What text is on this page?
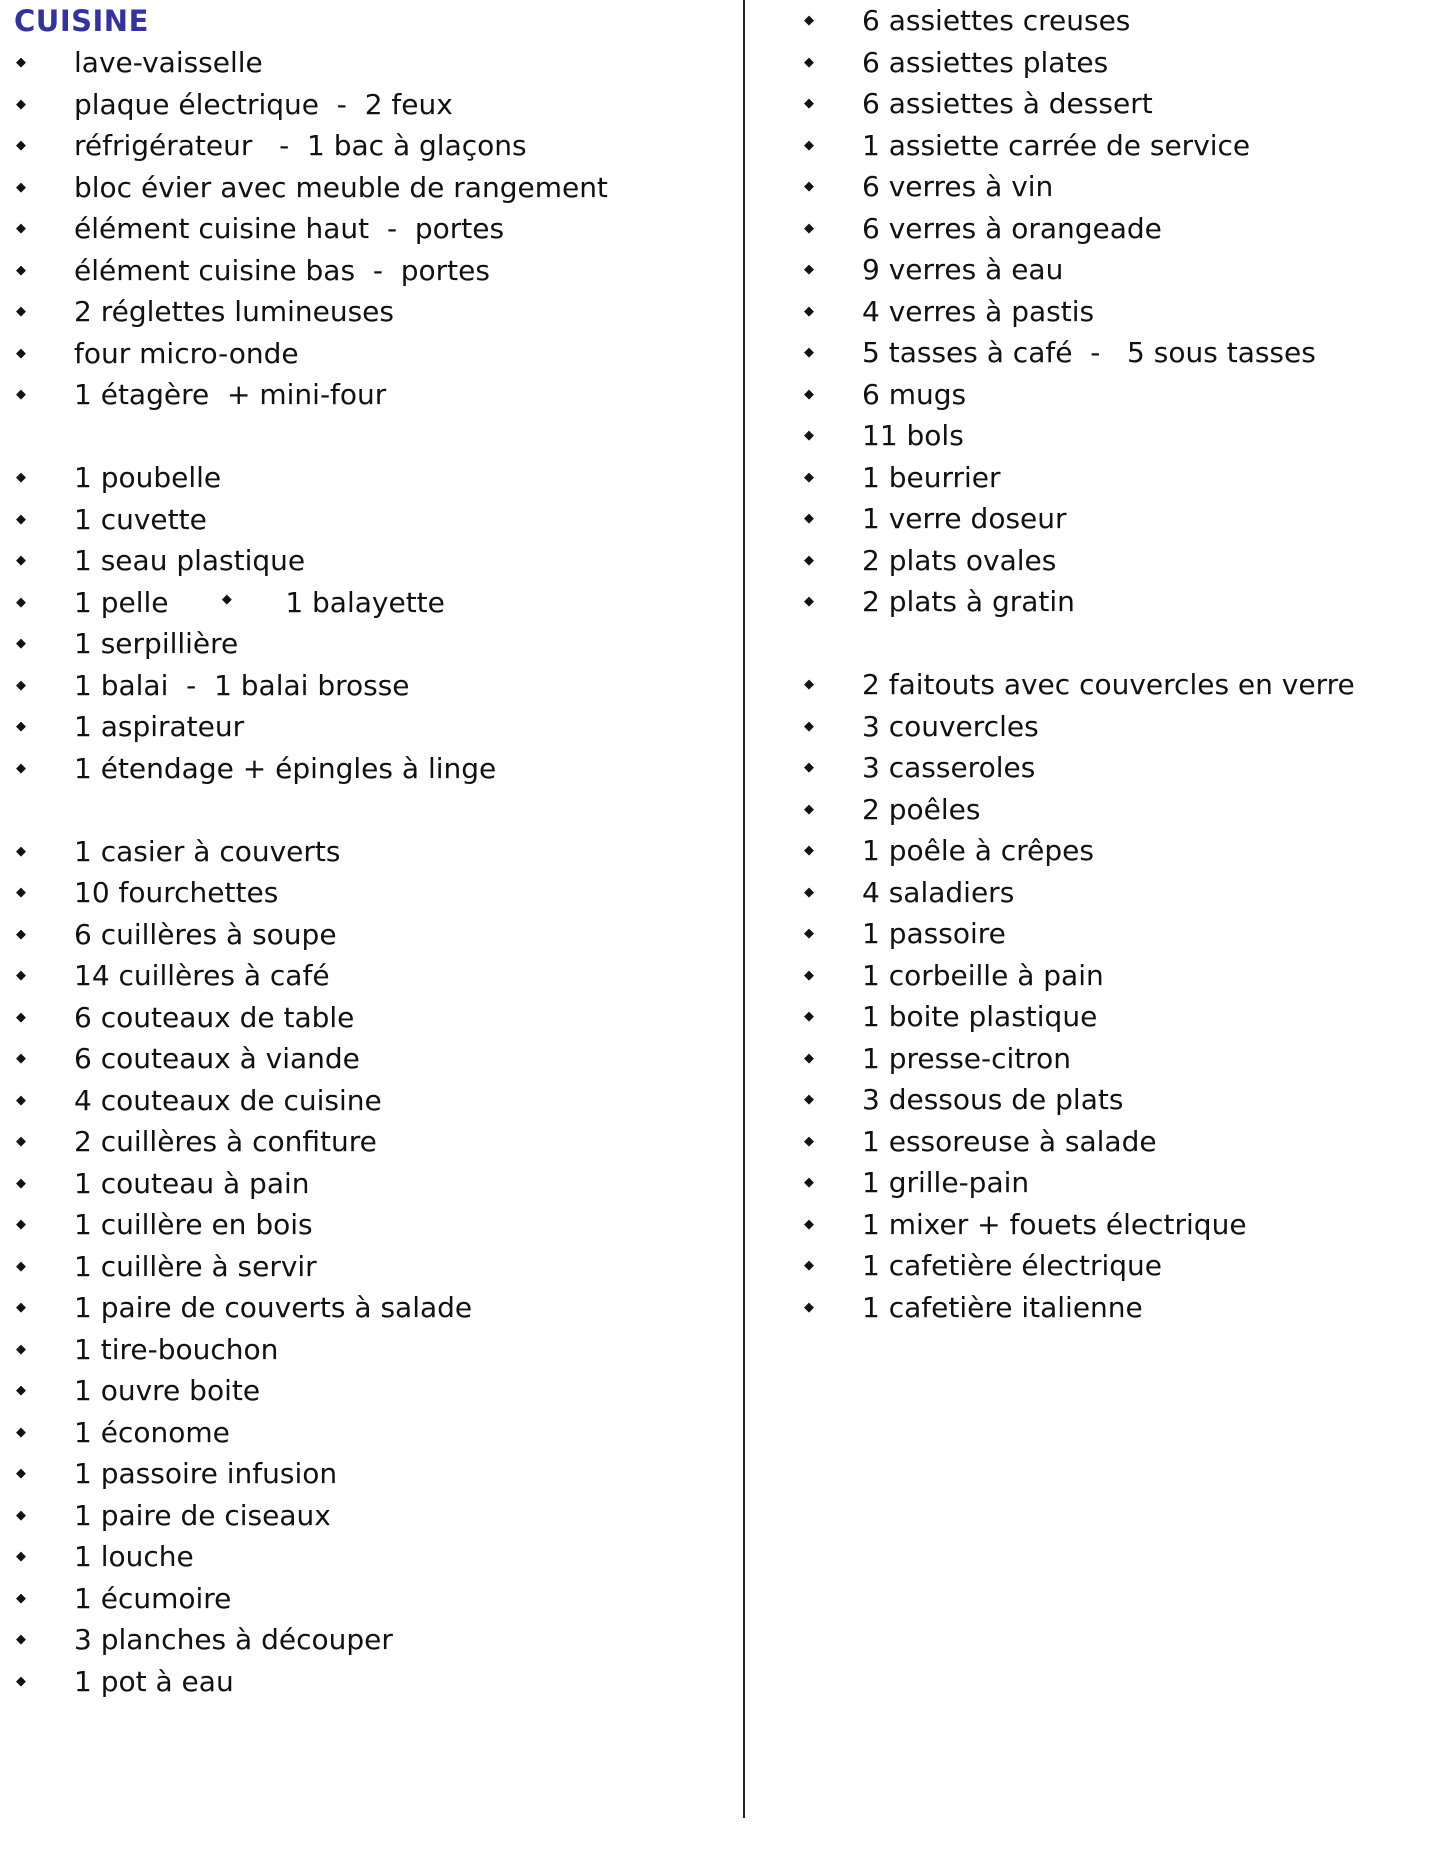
CUISINE
◆ lave-vaisselle
◆ plaque électrique  -  2 feux
◆ réfrigérateur   -  1 bac à glaçons
◆ bloc évier avec meuble de rangement
◆ élément cuisine haut  -  portes
◆ élément cuisine bas  -  portes
◆ 2 réglettes lumineuses
◆ four micro-onde
◆ 1 étagère  + mini-four
◆ 1 poubelle
◆ 1 cuvette
◆ 1 seau plastique
◆ 1 pelle	◆ 1 balayette
◆ 1 serpillière
◆ 1 balai  -  1 balai brosse
◆ 1 aspirateur
◆ 1 étendage + épingles à linge
◆ 1 casier à couverts
◆ 10 fourchettes
◆ 6 cuillères à soupe
◆ 14 cuillères à café
◆ 6 couteaux de table
◆ 6 couteaux à viande
◆ 4 couteaux de cuisine
◆ 2 cuillères à confiture
◆ 1 couteau à pain
◆ 1 cuillère en bois
◆ 1 cuillère à servir
◆ 1 paire de couverts à salade
◆ 1 tire-bouchon
◆ 1 ouvre boite
◆ 1 économe
◆ 1 passoire infusion
◆ 1 paire de ciseaux
◆ 1 louche
◆ 1 écumoire
◆ 3 planches à découper
◆ 1 pot à eau
◆ 6 assiettes creuses
◆ 6 assiettes plates
◆ 6 assiettes à dessert
◆ 1 assiette carrée de service
◆ 6 verres à vin
◆ 6 verres à orangeade
◆ 9 verres à eau
◆ 4 verres à pastis
◆ 5 tasses à café  -   5 sous tasses
◆ 6 mugs
◆ 11 bols
◆ 1 beurrier
◆ 1 verre doseur
◆ 2 plats ovales
◆ 2 plats à gratin
◆ 2 faitouts avec couvercles en verre
◆ 3 couvercles
◆ 3 casseroles
◆ 2 poêles
◆ 1 poêle à crêpes
◆ 4 saladiers
◆ 1 passoire
◆ 1 corbeille à pain
◆ 1 boite plastique
◆ 1 presse-citron
◆ 3 dessous de plats
◆ 1 essoreuse à salade
◆ 1 grille-pain
◆ 1 mixer + fouets électrique
◆ 1 cafetière électrique
◆ 1 cafetière italienne
